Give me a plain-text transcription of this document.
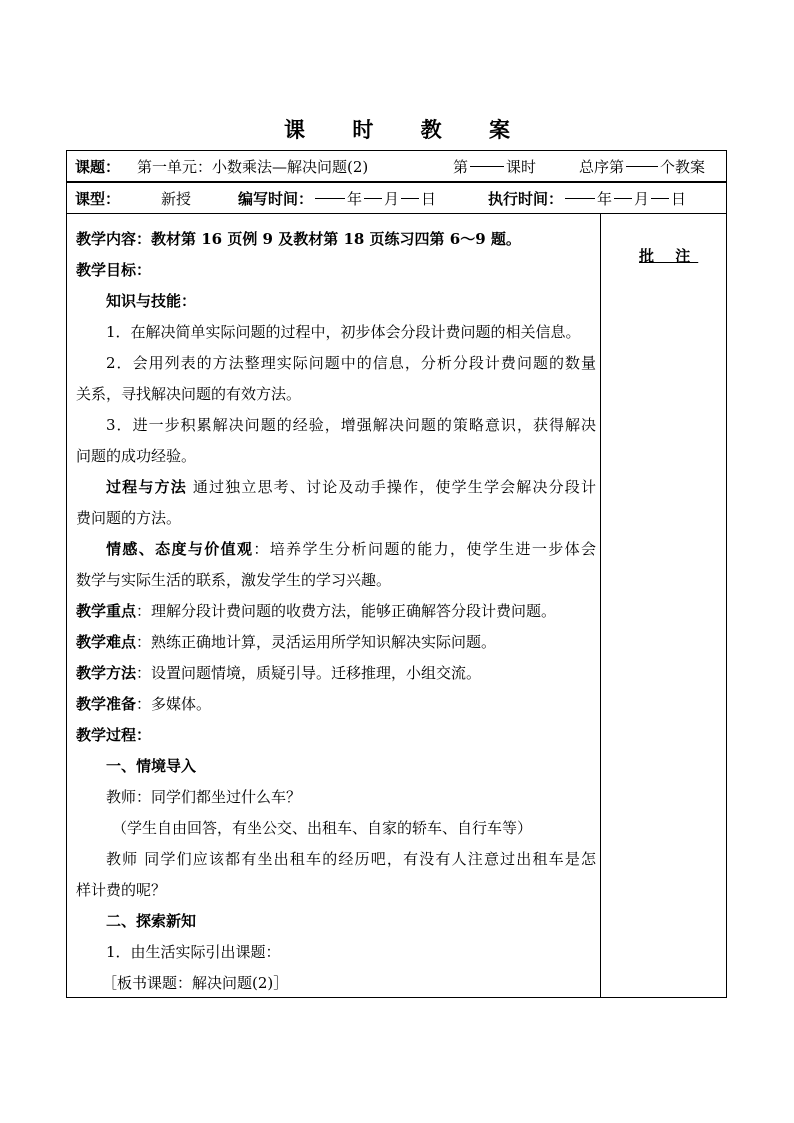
课 时 教 案
课题： 第一单元：小数乘法—解决问题(2)	第	课时	总序第 个教案
课型：	新授	编写时间： 年 月 日	执行时间： 年 月 日
教学内容：教材第 16 页例 9 及教材第 18 页练习四第 6～9 题。
教学目标：
知识与技能：
1．在解决简单实际问题的过程中，初步体会分段计费问题的相关信息。
2．会用列表的方法整理实际问题中的信息，分析分段计费问题的数量
关系，寻找解决问题的有效方法。
3．进一步积累解决问题的经验，增强解决问题的策略意识，获得解决
问题的成功经验。
过程与方法 通过独立思考、讨论及动手操作，使学生学会解决分段计
费问题的方法。
情感、态度与价值观：培养学生分析问题的能力，使学生进一步体会
数学与实际生活的联系，激发学生的学习兴趣。
教学重点：理解分段计费问题的收费方法，能够正确解答分段计费问题。
教学难点：熟练正确地计算，灵活运用所学知识解决实际问题。
教学方法：设置问题情境，质疑引导。迁移推理，小组交流。
教学准备：多媒体。
教学过程：
一、情境导入
教师：同学们都坐过什么车？
（学生自由回答，有坐公交、出租车、自家的轿车、自行车等）
教师 同学们应该都有坐出租车的经历吧，有没有人注意过出租车是怎
样计费的呢？
二、探索新知
1．由生活实际引出课题：
［板书课题：解决问题(2)］
批 注
